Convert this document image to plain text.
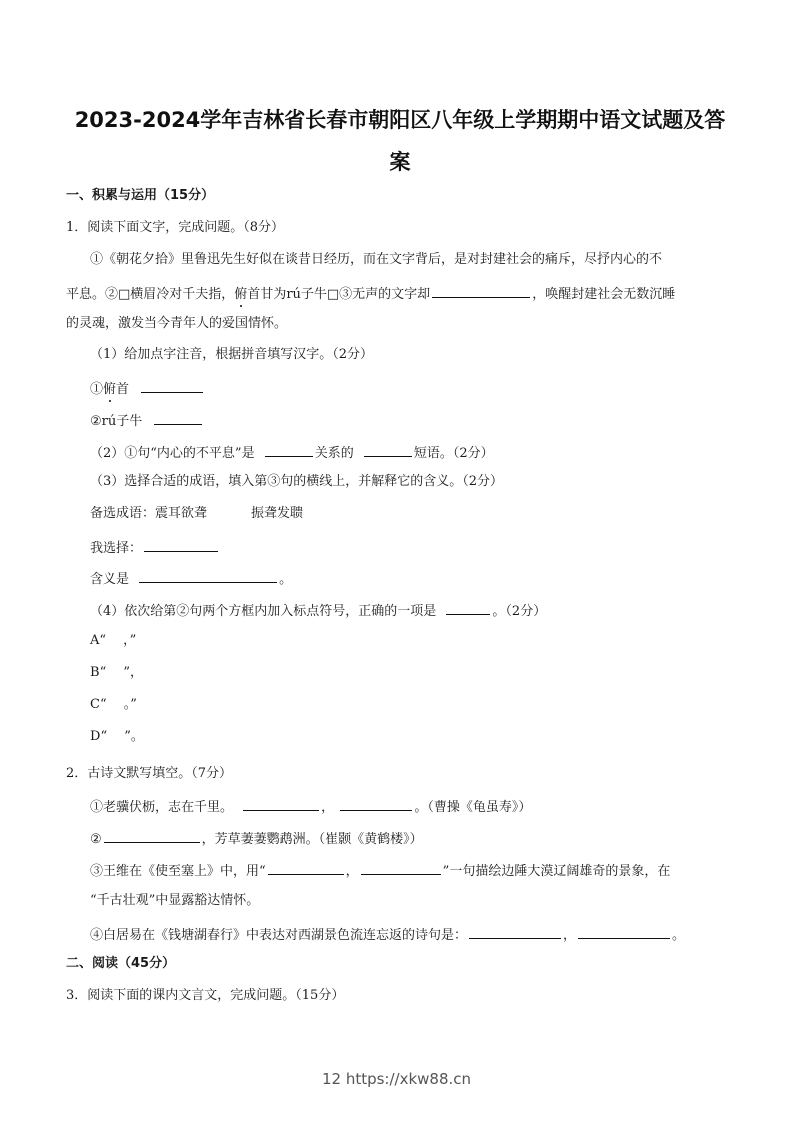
2023-2024学年吉林省长春市朝阳区八年级上学期期中语文试题及答
案
一、积累与运用（15分）
1．阅读下面文字，完成问题。（8分）
①《朝花夕拾》里鲁迅先生好似在谈昔日经历，而在文字背后，是对封建社会的痛斥，尽抒内心的不
平息。②□横眉冷对千夫指，俯首甘为rú子牛□③无声的文字却	，唤醒封建社会无数沉睡
的灵魂，激发当今青年人的爱国情怀。
（1）给加点字注音，根据拼音填写汉字。（2分）
①俯首
②rú子牛
（2）①句“内心的不平息”是	关系的	短语。（2分）
（3）选择合适的成语，填入第③句的横线上，并解释它的含义。（2分）
备选成语：震耳欲聋	振聋发聩
我选择：
含义是	。
（4）依次给第②句两个方框内加入标点符号，正确的一项是	。（2分）
A“　 ，”
B“　 ”，
C“　 。”
D“　 ”。
2．古诗文默写填空。（7分）
①老骥伏枥，志在千里。	，	。（曹操《龟虽寿》）
②	，芳草萋萋鹦鹉洲。（崔颢《黄鹤楼》）
③王维在《使至塞上》中，用“	，	”一句描绘边陲大漠辽阔雄奇的景象，在
“千古壮观”中显露豁达情怀。
④白居易在《钱塘湖春行》中表达对西湖景色流连忘返的诗句是：	，	。
二、阅读（45分）
3．阅读下面的课内文言文，完成问题。（15分）
12 https://xkw88.cn
